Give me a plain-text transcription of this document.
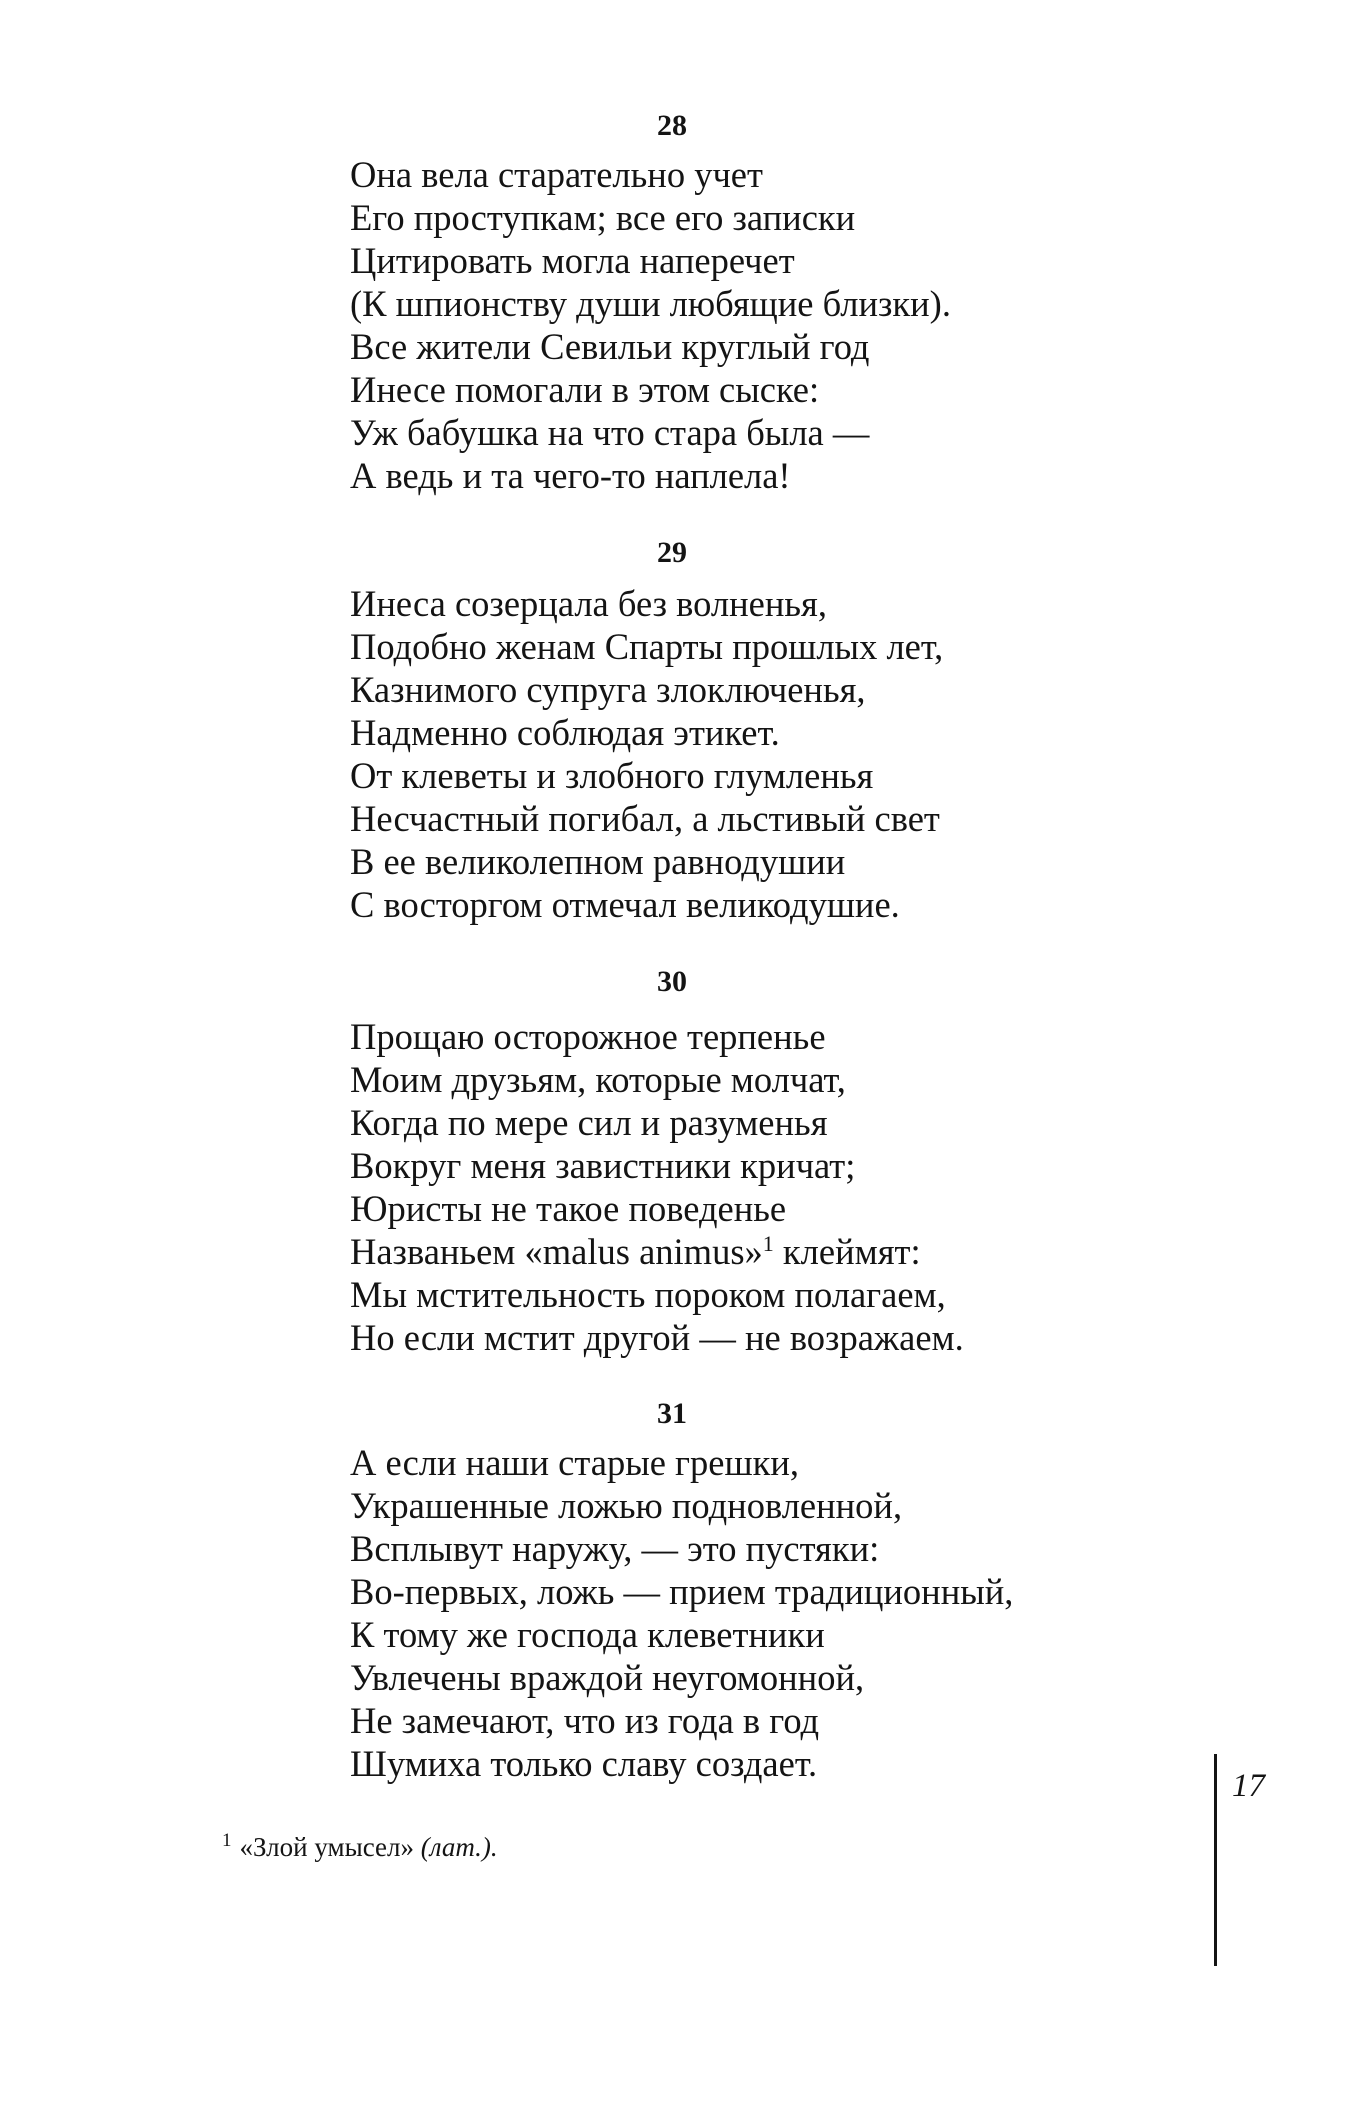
28
Она вела старательно учет
Его проступкам; все его записки
Цитировать могла наперечет
(К шпионству души любящие близки).
Все жители Севильи круглый год
Инесе помогали в этом сыске:
Уж бабушка на что стара была —
А ведь и та чего-то наплела!
29
Инеса созерцала без волненья,
Подобно женам Спарты прошлых лет,
Казнимого супруга злоключенья,
Надменно соблюдая этикет.
От клеветы и злобного глумленья
Несчастный погибал, а льстивый свет
В ее великолепном равнодушии
С восторгом отмечал великодушие.
30
Прощаю осторожное терпенье
Моим друзьям, которые молчат,
Когда по мере сил и разуменья
Вокруг меня завистники кричат;
Юристы не такое поведенье
Названьем «malus animus»$^1$ клеймят:
Мы мстительность пороком полагаем,
Но если мстит другой — не возражаем.
31
А если наши старые грешки,
Украшенные ложью подновленной,
Всплывут наружу, — это пустяки:
Во-первых, ложь — прием традиционный,
К тому же господа клеветники
Увлечены враждой неугомонной,
Не замечают, что из года в год
Шумиха только славу создает.
$^1$ «Злой умысел» (лат.).
17
